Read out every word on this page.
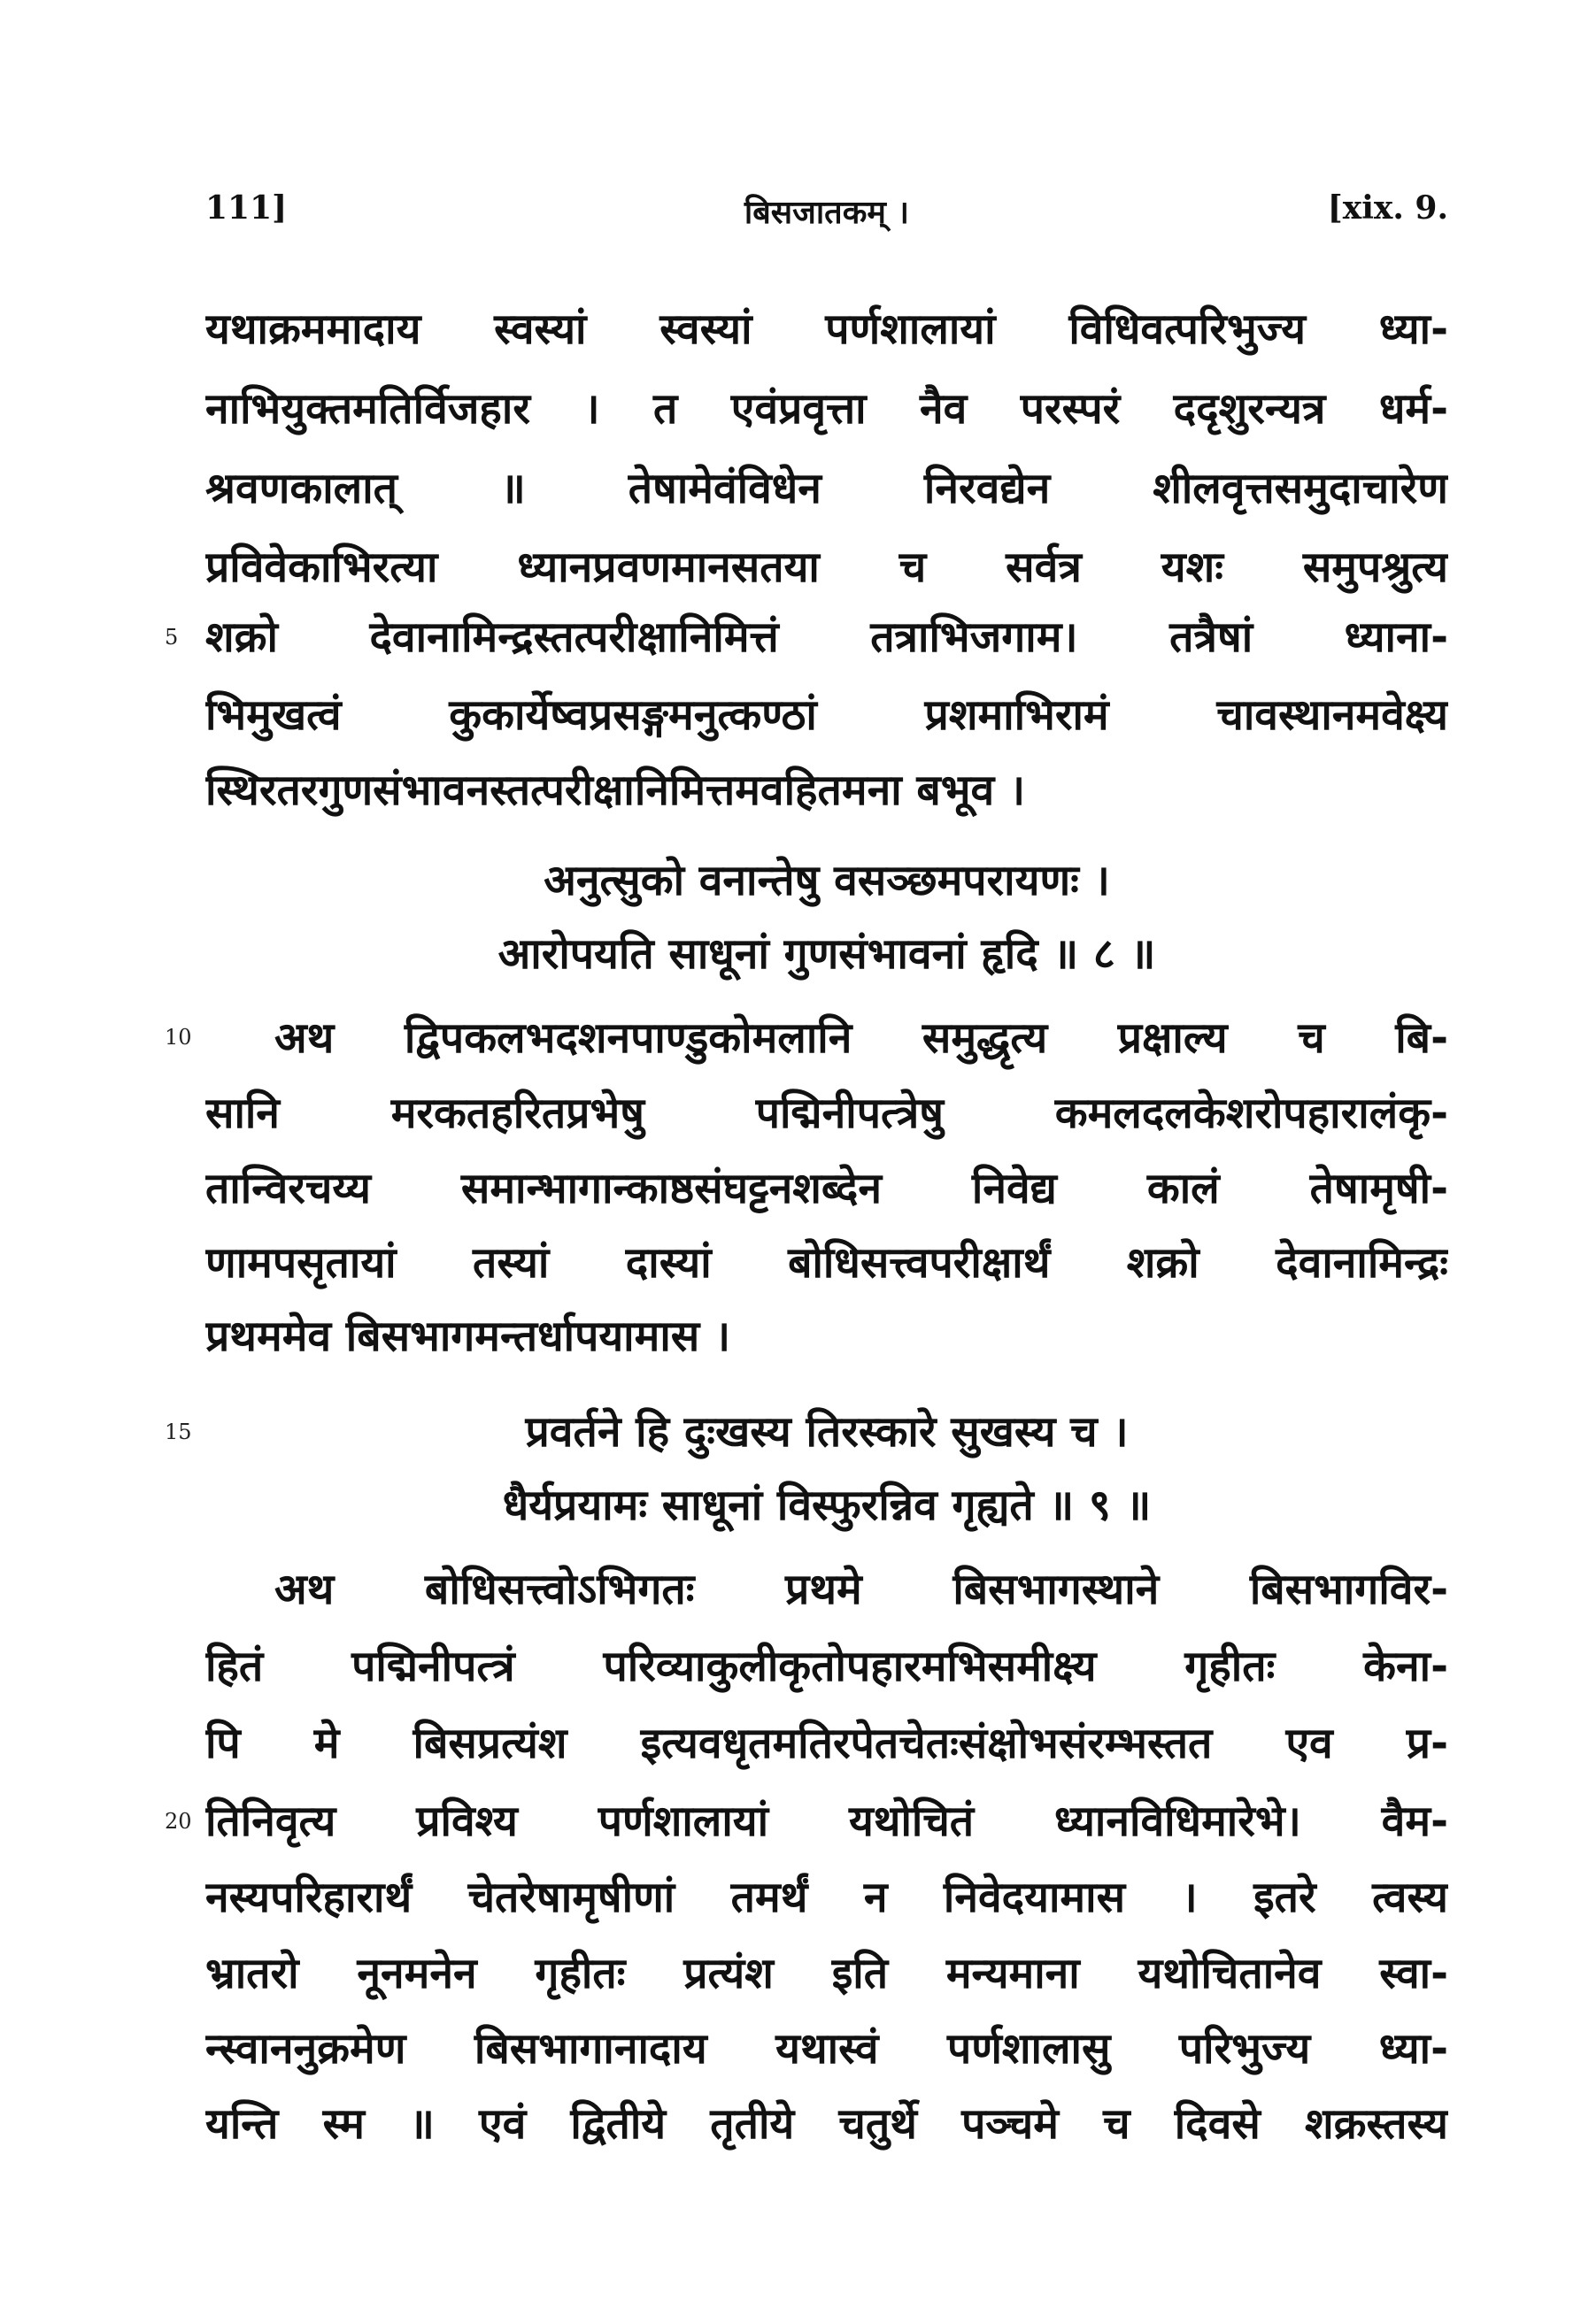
111]	बिसजातकम् ।	[xix. 9.
यथाक्रममादाय स्वस्यां स्वस्यां पर्णशालायां विधिवत्परिभुज्य ध्या-
नाभियुक्तमतिर्विजहार । त एवंप्रवृत्ता नैव परस्परं ददृशुरन्यत्र धर्म-
श्रवणकालात् ॥ तेषामेवंविधेन निरवद्येन शीलवृत्तसमुदाचारेण
प्रविवेकाभिरत्या ध्यानप्रवणमानसतया च सर्वत्र यशः समुपश्रुत्य
5 शक्रो देवानामिन्द्रस्तत्परीक्षानिमित्तं तत्राभिजगाम। तत्रैषां ध्याना-
भिमुखत्वं कुकार्येष्वप्रसङ्गमनुत्कण्ठां प्रशमाभिरामं चावस्थानमवेक्ष्य
स्थिरतरगुणसंभावनस्तत्परीक्षानिमित्तमवहितमना बभूव ।
अनुत्सुको वनान्तेषु वसञ्छमपरायणः ।
आरोपयति साधूनां गुणसंभावनां हृदि ॥ ८ ॥
10 अथ द्विपकलभदशनपाण्डुकोमलानि समुद्धृत्य प्रक्षाल्य च बि-
सानि मरकतहरितप्रभेषु पद्मिनीपत्त्रेषु कमलदलकेशरोपहारालंकृ-
तान्विरचय्य समान्भागान्काष्ठसंघट्टनशब्देन निवेद्य कालं तेषामृषी-
णामपसृतायां तस्यां दास्यां बोधिसत्त्वपरीक्षार्थं शक्रो देवानामिन्द्रः
प्रथममेव बिसभागमन्तर्धापयामास ।
15	प्रवर्तने हि दुःखस्य तिरस्कारे सुखस्य च ।
धैर्यप्रयामः साधूनां विस्फुरन्निव गृह्यते ॥ ९ ॥
अथ बोधिसत्त्वोऽभिगतः प्रथमे बिसभागस्थाने बिसभागविर-
हितं पद्मिनीपत्त्रं परिव्याकुलीकृतोपहारमभिसमीक्ष्य गृहीतः केना-
पि मे बिसप्रत्यंश इत्यवधृतमतिरपेतचेतःसंक्षोभसंरम्भस्तत एव प्र-
20 तिनिवृत्य प्रविश्य पर्णशालायां यथोचितं ध्यानविधिमारेभे। वैम-
नस्यपरिहारार्थं चेतरेषामृषीणां तमर्थं न निवेदयामास । इतरे त्वस्य
भ्रातरो नूनमनेन गृहीतः प्रत्यंश इति मन्यमाना यथोचितानेव स्वा-
न्स्वाननुक्रमेण बिसभागानादाय यथास्वं पर्णशालासु परिभुज्य ध्या-
यन्ति स्म ॥ एवं द्वितीये तृतीये चतुर्थे पञ्चमे च दिवसे शक्रस्तस्य
